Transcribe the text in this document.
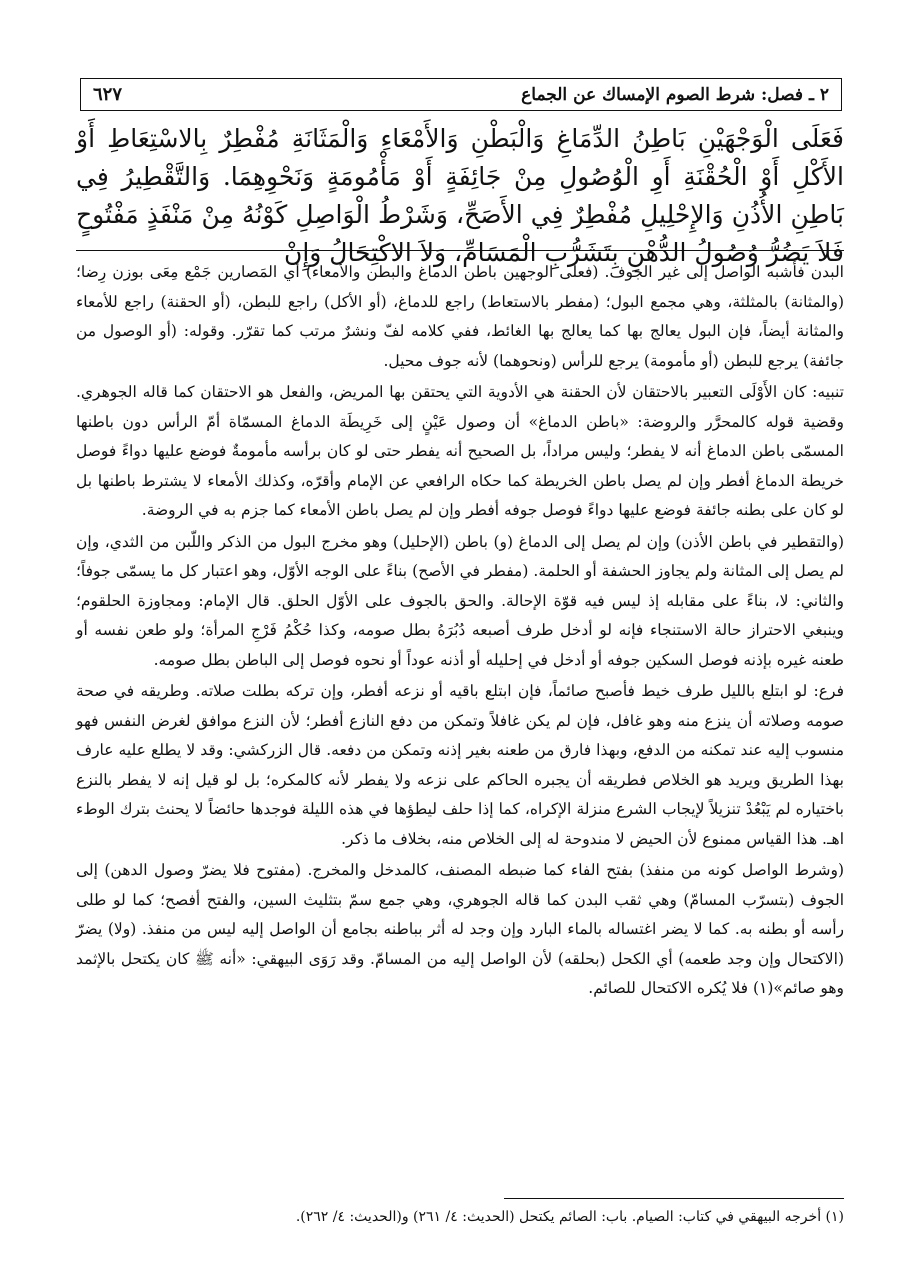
٢ ـ فصل: شرط الصوم الإمساك عن الجماع
٦٢٧
فَعَلَى الْوَجْهَيْنِ بَاطِنُ الدِّمَاغِ وَالْبَطْنِ وَالأَمْعَاءِ وَالْمَثَانَةِ مُفْطِرٌ بِالاسْتِعَاطِ أَوْ الأَكْلِ أَوْ الْحُقْنَةِ أَوِ الْوُصُولِ مِنْ جَائِفَةٍ أَوْ مَأْمُومَةٍ وَنَحْوِهِمَا. وَالتَّقْطِيرُ فِي بَاطِنِ الأُذُنِ وَالإِحْلِيلِ مُفْطِرٌ فِي الأَصَحِّ، وَشَرْطُ الْوَاصِلِ كَوْنُهُ مِنْ مَنْفَذٍ مَفْتُوحٍ فَلاَ يَضُرُّ وُصُولُ الدُّهْنِ بِتَشَرُّبِ الْمَسَامِّ، وَلاَ الاكْتِحَالُ وَإِنْ

البدن فأشبه الواصل إلى غير الجوف. (فعلى الوجهين باطن الدماغ والبطن والأمعاء) أي المَصارين جَمْع مِعَى بوزن رِضا؛ (والمثانة) بالمثلثة، وهي مجمع البول؛ (مفطر بالاستعاط) راجع للدماغ، (أو الأكل) راجع للبطن، (أو الحقنة) راجع للأمعاء والمثانة أيضاً، فإن البول يعالج بها كما يعالج بها الغائط، ففي كلامه لفّ ونشرٌ مرتب كما تقرّر. وقوله: (أو الوصول من جائفة) يرجع للبطن (أو مأمومة) يرجع للرأس (ونحوهما) لأنه جوف محيل.

تنبيه: كان الأَوْلَى التعبير بالاحتقان لأن الحقنة هي الأدوية التي يحتقن بها المريض، والفعل هو الاحتقان كما قاله الجوهري. وقضية قوله كالمحرَّر والروضة: «باطن الدماغ» أن وصول عَيْنٍ إلى خَرِيطَة الدماغ المسمّاة أمّ الرأس دون باطنها المسمّى باطن الدماغ أنه لا يفطر؛ وليس مراداً، بل الصحيح أنه يفطر حتى لو كان برأسه مأمومةٌ فوضع عليها دواءً فوصل خريطة الدماغ أفطر وإن لم يصل باطن الخريطة كما حكاه الرافعي عن الإمام وأقرّه، وكذلك الأمعاء لا يشترط باطنها بل لو كان على بطنه جائفة فوضع عليها دواءً فوصل جوفه أفطر وإن لم يصل باطن الأمعاء كما جزم به في الروضة.

(والتقطير في باطن الأذن) وإن لم يصل إلى الدماغ (و) باطن (الإحليل) وهو مخرج البول من الذكر واللّبن من الثدي، وإن لم يصل إلى المثانة ولم يجاوز الحشفة أو الحلمة. (مفطر في الأصح) بناءً على الوجه الأوّل، وهو اعتبار كل ما يسمّى جوفاً؛ والثاني: لا، بناءً على مقابله إذ ليس فيه قوّة الإحالة. والحق بالجوف على الأوّل الحلق. قال الإمام: ومجاوزة الحلقوم؛ وينبغي الاحتراز حالة الاستنجاء فإنه لو أدخل طرف أصبعه دُبُرَهُ بطل صومه، وكذا حُكْمُ فَرْجِ المرأة؛ ولو طعن نفسه أو طعنه غيره بإذنه فوصل السكين جوفه أو أدخل في إحليله أو أذنه عوداً أو نحوه فوصل إلى الباطن بطل صومه.

فرع: لو ابتلع بالليل طرف خيط فأصبح صائماً، فإن ابتلع باقيه أو نزعه أفطر، وإن تركه بطلت صلاته. وطريقه في صحة صومه وصلاته أن ينزع منه وهو غافل، فإن لم يكن غافلاً وتمكن من دفع النازع أفطر؛ لأن النزع موافق لغرض النفس فهو منسوب إليه عند تمكنه من الدفع، وبهذا فارق من طعنه بغير إذنه وتمكن من دفعه. قال الزركشي: وقد لا يطلع عليه عارف بهذا الطريق ويريد هو الخلاص فطريقه أن يجبره الحاكم على نزعه ولا يفطر لأنه كالمكره؛ بل لو قيل إنه لا يفطر بالنزع باختياره لم يَبْعُدْ تنزيلاً لإيجاب الشرع منزلة الإكراه، كما إذا حلف ليطؤها في هذه الليلة فوجدها حائضاً لا يحنث بترك الوطء اهـ. هذا القياس ممنوع لأن الحيض لا مندوحة له إلى الخلاص منه، بخلاف ما ذكر.

(وشرط الواصل كونه من منفذ) بفتح الفاء كما ضبطه المصنف، كالمدخل والمخرج. (مفتوح فلا يضرّ وصول الدهن) إلى الجوف (بتسرّب المسامّ) وهي ثقب البدن كما قاله الجوهري، وهي جمع سمّ بتثليث السين، والفتح أفصح؛ كما لو طلى رأسه أو بطنه به. كما لا يضر اغتساله بالماء البارد وإن وجد له أثر بباطنه بجامع أن الواصل إليه ليس من منفذ. (ولا) يضرّ (الاكتحال وإن وجد طعمه) أي الكحل (بحلقه) لأن الواصل إليه من المسامّ. وقد رَوَى البيهقي: «أنه ﷺ كان يكتحل بالإثمد وهو صائم»(١) فلا يُكره الاكتحال للصائم.

(١) أخرجه البيهقي في كتاب: الصيام. باب: الصائم يكتحل (الحديث: ٤/ ٢٦١) و(الحديث: ٤/ ٢٦٢).
